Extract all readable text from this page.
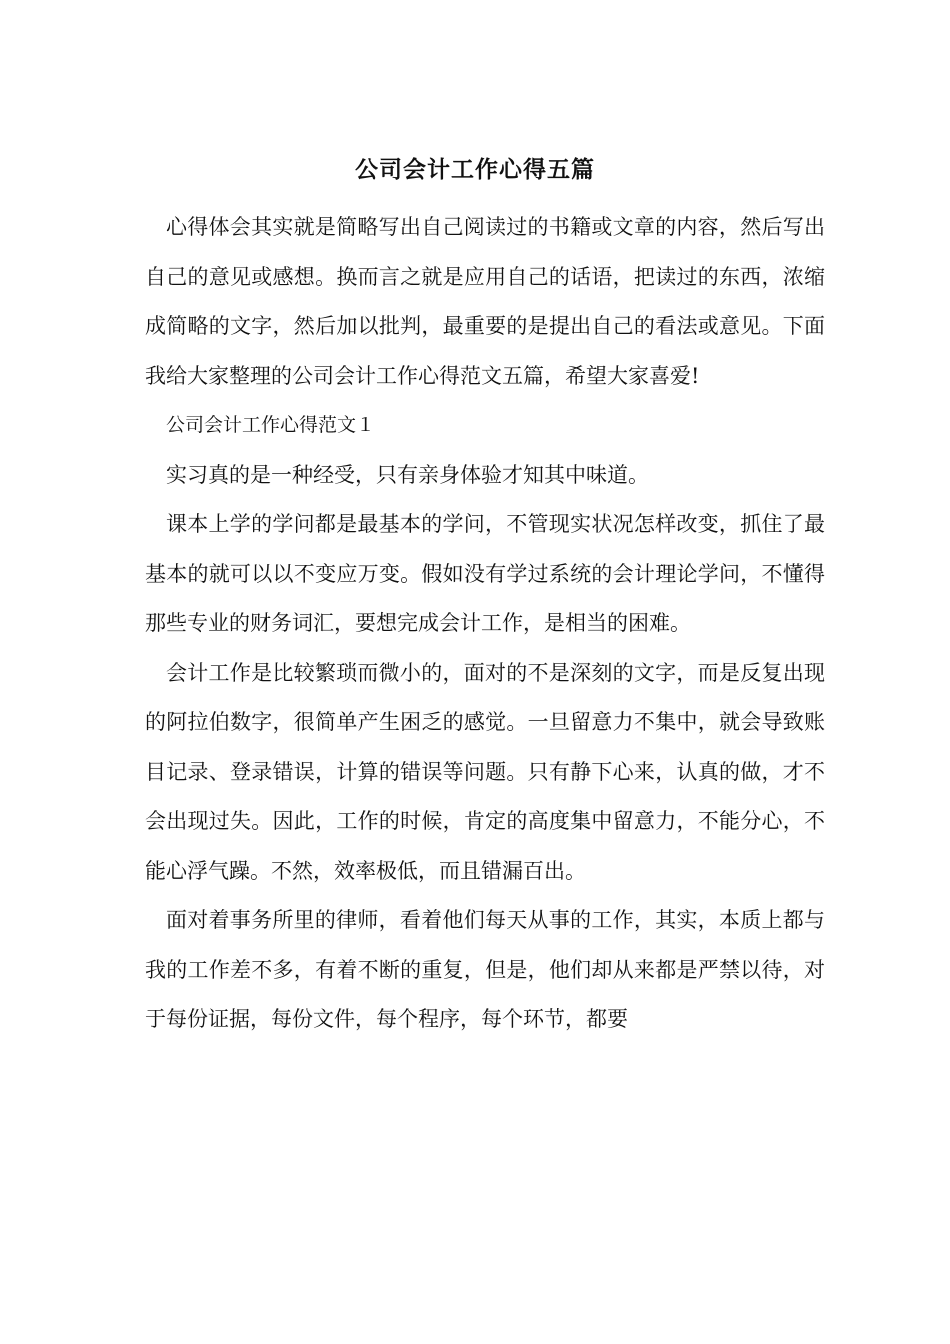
公司会计工作心得五篇

心得体会其实就是简略写出自己阅读过的书籍或文章的内容，然后写出自己的意见或感想。换而言之就是应用自己的话语，把读过的东西，浓缩成简略的文字，然后加以批判，最重要的是提出自己的看法或意见。下面我给大家整理的公司会计工作心得范文五篇，希望大家喜爱!

公司会计工作心得范文１

实习真的是一种经受，只有亲身体验才知其中味道。

课本上学的学问都是最基本的学问，不管现实状况怎样改变，抓住了最基本的就可以以不变应万变。假如没有学过系统的会计理论学问，不懂得那些专业的财务词汇，要想完成会计工作，是相当的困难。

会计工作是比较繁琐而微小的，面对的不是深刻的文字，而是反复出现的阿拉伯数字，很简单产生困乏的感觉。一旦留意力不集中，就会导致账目记录、登录错误，计算的错误等问题。只有静下心来，认真的做，才不会出现过失。因此，工作的时候，肯定的高度集中留意力，不能分心，不能心浮气躁。不然，效率极低，而且错漏百出。

面对着事务所里的律师，看着他们每天从事的工作，其实，本质上都与我的工作差不多，有着不断的重复，但是，他们却从来都是严禁以待，对于每份证据，每份文件，每个程序，每个环节，都要
